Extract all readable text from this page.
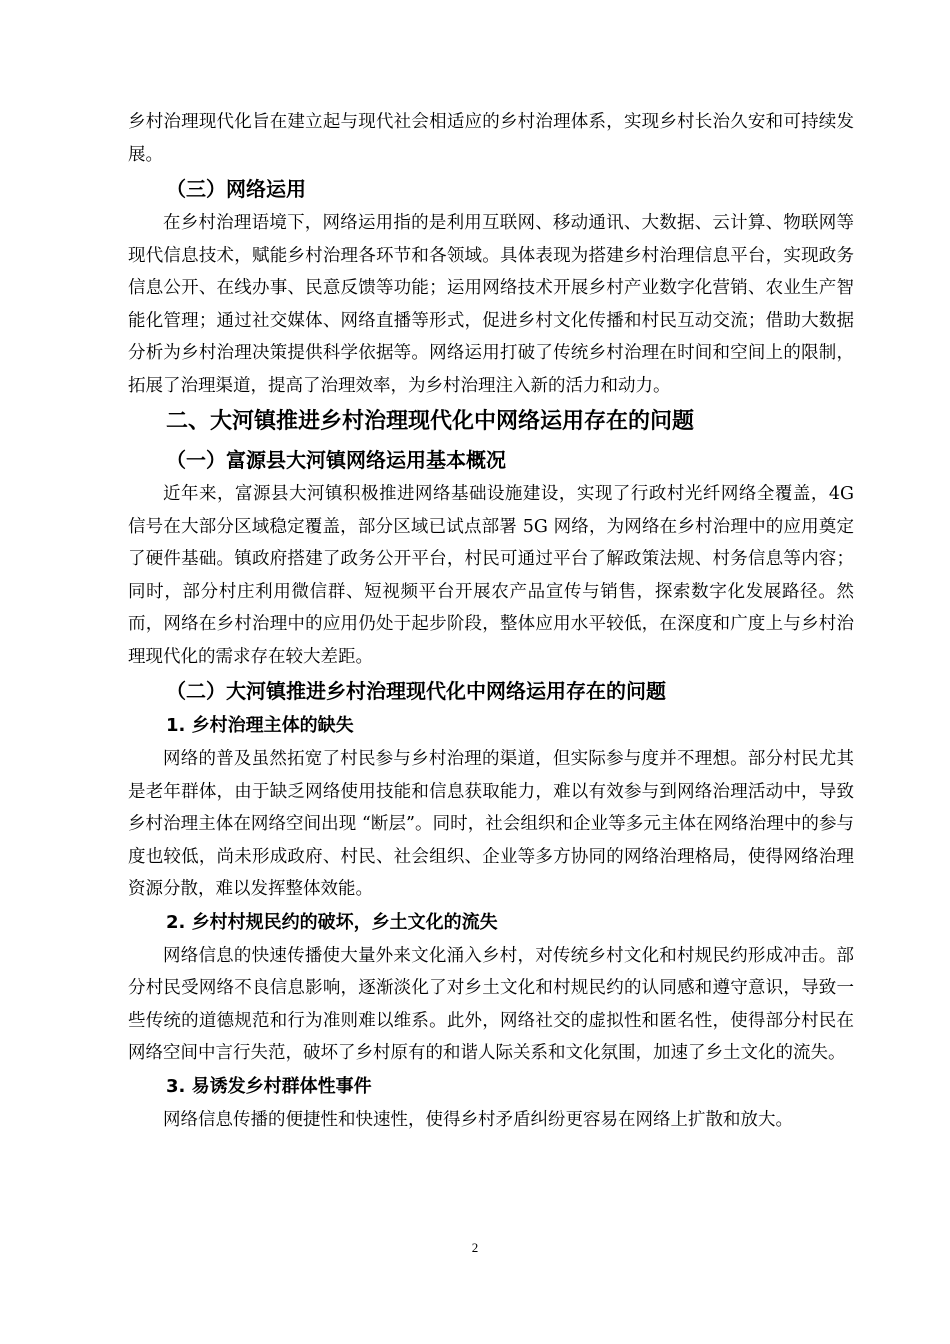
乡村治理现代化旨在建立起与现代社会相适应的乡村治理体系，实现乡村长治久安和可持续发展。

（三）网络运用

在乡村治理语境下，网络运用指的是利用互联网、移动通讯、大数据、云计算、物联网等现代信息技术，赋能乡村治理各环节和各领域。具体表现为搭建乡村治理信息平台，实现政务信息公开、在线办事、民意反馈等功能；运用网络技术开展乡村产业数字化营销、农业生产智能化管理；通过社交媒体、网络直播等形式，促进乡村文化传播和村民互动交流；借助大数据分析为乡村治理决策提供科学依据等。网络运用打破了传统乡村治理在时间和空间上的限制，拓展了治理渠道，提高了治理效率，为乡村治理注入新的活力和动力。

二、大河镇推进乡村治理现代化中网络运用存在的问题
（一）富源县大河镇网络运用基本概况

近年来，富源县大河镇积极推进网络基础设施建设，实现了行政村光纤网络全覆盖，4G 信号在大部分区域稳定覆盖，部分区域已试点部署 5G 网络，为网络在乡村治理中的应用奠定了硬件基础。镇政府搭建了政务公开平台，村民可通过平台了解政策法规、村务信息等内容；同时，部分村庄利用微信群、短视频平台开展农产品宣传与销售，探索数字化发展路径。然而，网络在乡村治理中的应用仍处于起步阶段，整体应用水平较低，在深度和广度上与乡村治理现代化的需求存在较大差距。

（二）大河镇推进乡村治理现代化中网络运用存在的问题
1. 乡村治理主体的缺失

网络的普及虽然拓宽了村民参与乡村治理的渠道，但实际参与度并不理想。部分村民尤其是老年群体，由于缺乏网络使用技能和信息获取能力，难以有效参与到网络治理活动中，导致乡村治理主体在网络空间出现 “断层”。同时，社会组织和企业等多元主体在网络治理中的参与度也较低，尚未形成政府、村民、社会组织、企业等多方协同的网络治理格局，使得网络治理资源分散，难以发挥整体效能。

2. 乡村村规民约的破坏，乡土文化的流失

网络信息的快速传播使大量外来文化涌入乡村，对传统乡村文化和村规民约形成冲击。部分村民受网络不良信息影响，逐渐淡化了对乡土文化和村规民约的认同感和遵守意识，导致一些传统的道德规范和行为准则难以维系。此外，网络社交的虚拟性和匿名性，使得部分村民在网络空间中言行失范，破坏了乡村原有的和谐人际关系和文化氛围，加速了乡土文化的流失。

3. 易诱发乡村群体性事件

网络信息传播的便捷性和快速性，使得乡村矛盾纠纷更容易在网络上扩散和放大。

2
